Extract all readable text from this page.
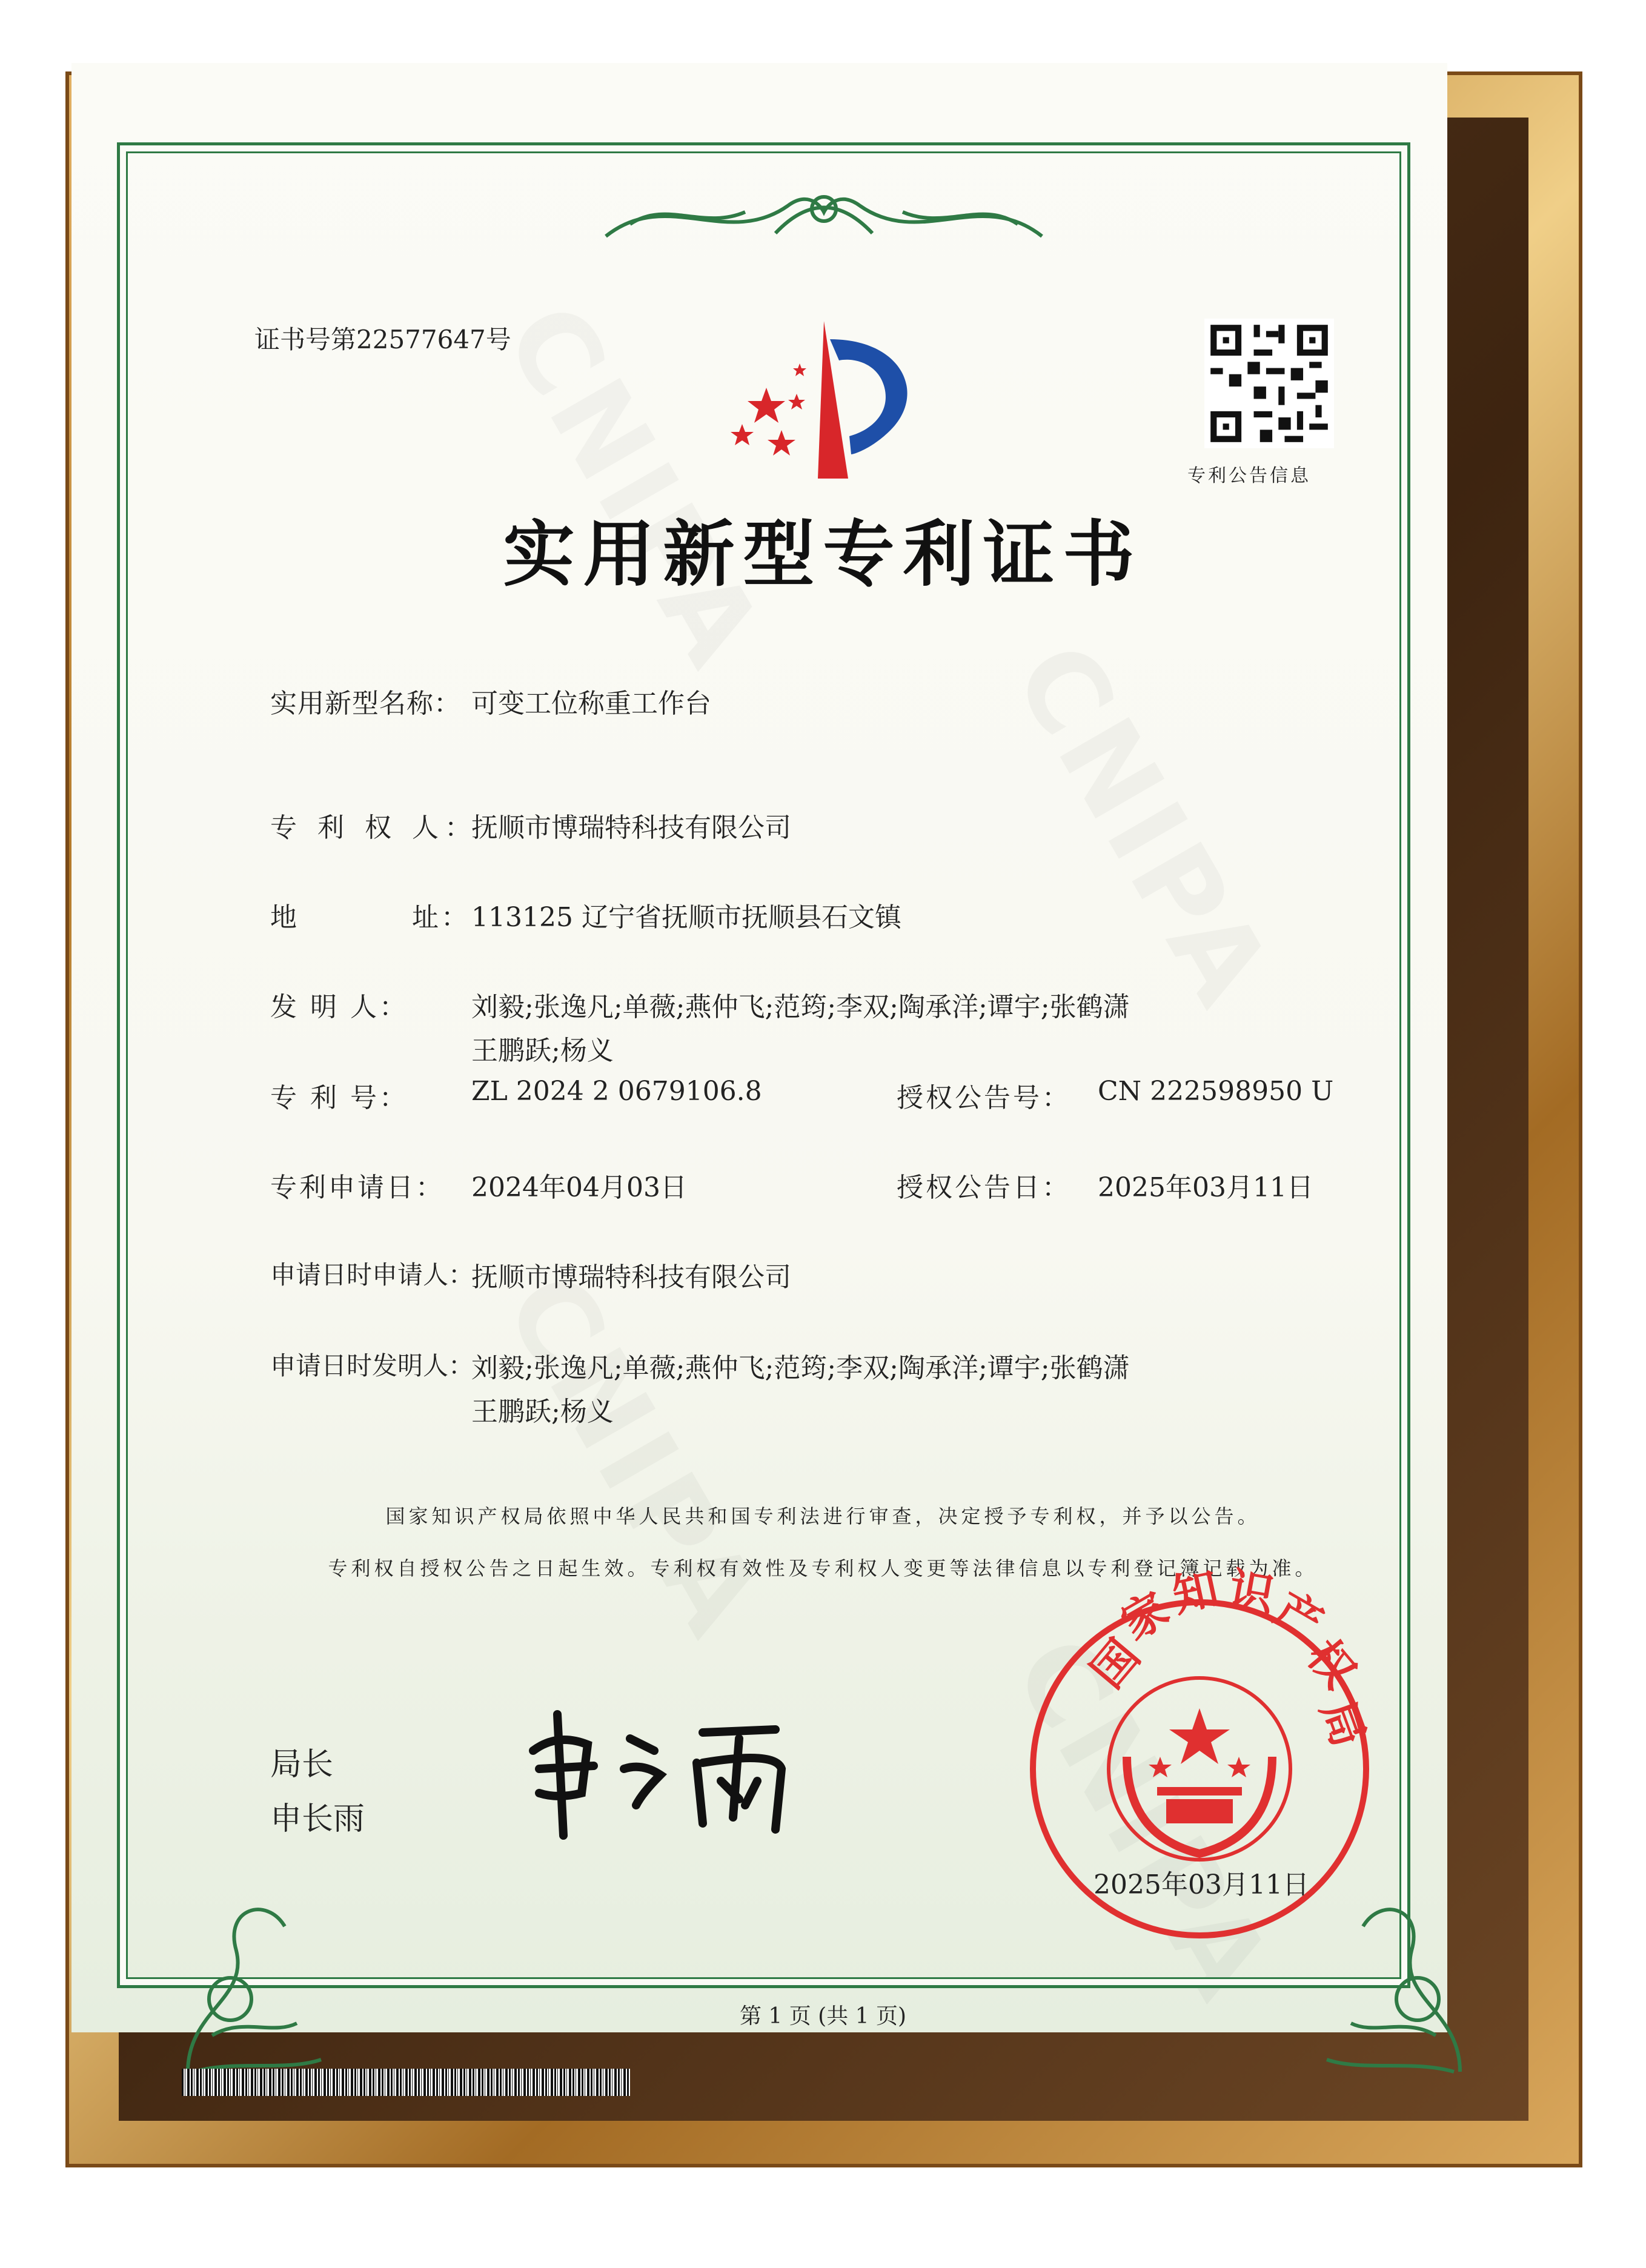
证书号第22577647号
专利公告信息
实用新型专利证书
实用新型名称： 可变工位称重工作台
专 利 权 人：
抚顺市博瑞特科技有限公司
地	址： 113125 辽宁省抚顺市抚顺县石文镇
发 明 人： 刘毅;张逸凡;单薇;燕仲飞;范筠;李双;陶承洋;谭宇;张鹤潇
王鹏跃;杨义
专 利 号： ZL 2024 2 0679106.8	授权公告号： CN 222598950 U
专利申请日： 2024年04月03日	授权公告日： 2025年03月11日
申请日时申请人：
抚顺市博瑞特科技有限公司
申请日时发明人：
刘毅;张逸凡;单薇;燕仲飞;范筠;李双;陶承洋;谭宇;张鹤潇
王鹏跃;杨义
国家知识产权局依照中华人民共和国专利法进行审查，决定授予专利权，并予以公告。
专利权自授权公告之日起生效。专利权有效性及专利权人变更等法律信息以专利登记簿记载为准。
局长
申长雨
国
家
知 识
产
权
局
2025年03月11日
第 1 页 (共 1 页)
